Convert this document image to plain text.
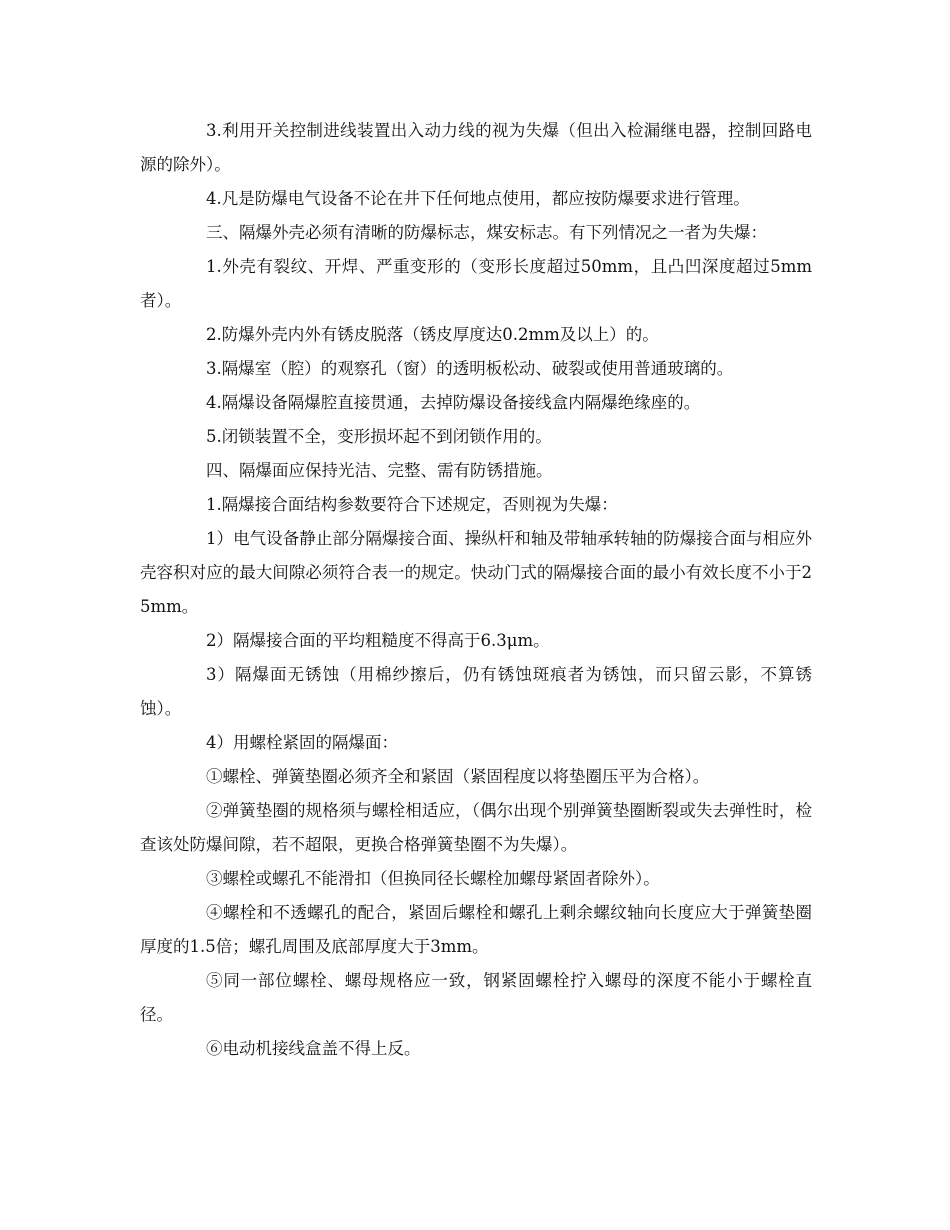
3.利用开关控制进线装置出入动力线的视为失爆（但出入检漏继电器，控制回路电源的除外）。

4.凡是防爆电气设备不论在井下任何地点使用，都应按防爆要求进行管理。

三、隔爆外壳必须有清晰的防爆标志，煤安标志。有下列情况之一者为失爆：

1.外壳有裂纹、开焊、严重变形的（变形长度超过50mm，且凸凹深度超过5mm者）。

2.防爆外壳内外有锈皮脱落（锈皮厚度达0.2mm及以上）的。

3.隔爆室（腔）的观察孔（窗）的透明板松动、破裂或使用普通玻璃的。

4.隔爆设备隔爆腔直接贯通，去掉防爆设备接线盒内隔爆绝缘座的。

5.闭锁装置不全，变形损坏起不到闭锁作用的。

四、隔爆面应保持光洁、完整、需有防锈措施。

1.隔爆接合面结构参数要符合下述规定，否则视为失爆：

1）电气设备静止部分隔爆接合面、操纵杆和轴及带轴承转轴的防爆接合面与相应外壳容积对应的最大间隙必须符合表一的规定。快动门式的隔爆接合面的最小有效长度不小于25mm。

2）隔爆接合面的平均粗糙度不得高于6.3μm。

3）隔爆面无锈蚀（用棉纱擦后，仍有锈蚀斑痕者为锈蚀，而只留云影，不算锈蚀）。

4）用螺栓紧固的隔爆面：

①螺栓、弹簧垫圈必须齐全和紧固（紧固程度以将垫圈压平为合格）。

②弹簧垫圈的规格须与螺栓相适应，（偶尔出现个别弹簧垫圈断裂或失去弹性时，检查该处防爆间隙，若不超限，更换合格弹簧垫圈不为失爆）。

③螺栓或螺孔不能滑扣（但换同径长螺栓加螺母紧固者除外）。

④螺栓和不透螺孔的配合，紧固后螺栓和螺孔上剩余螺纹轴向长度应大于弹簧垫圈厚度的1.5倍；螺孔周围及底部厚度大于3mm。

⑤同一部位螺栓、螺母规格应一致，钢紧固螺栓拧入螺母的深度不能小于螺栓直径。

⑥电动机接线盒盖不得上反。
